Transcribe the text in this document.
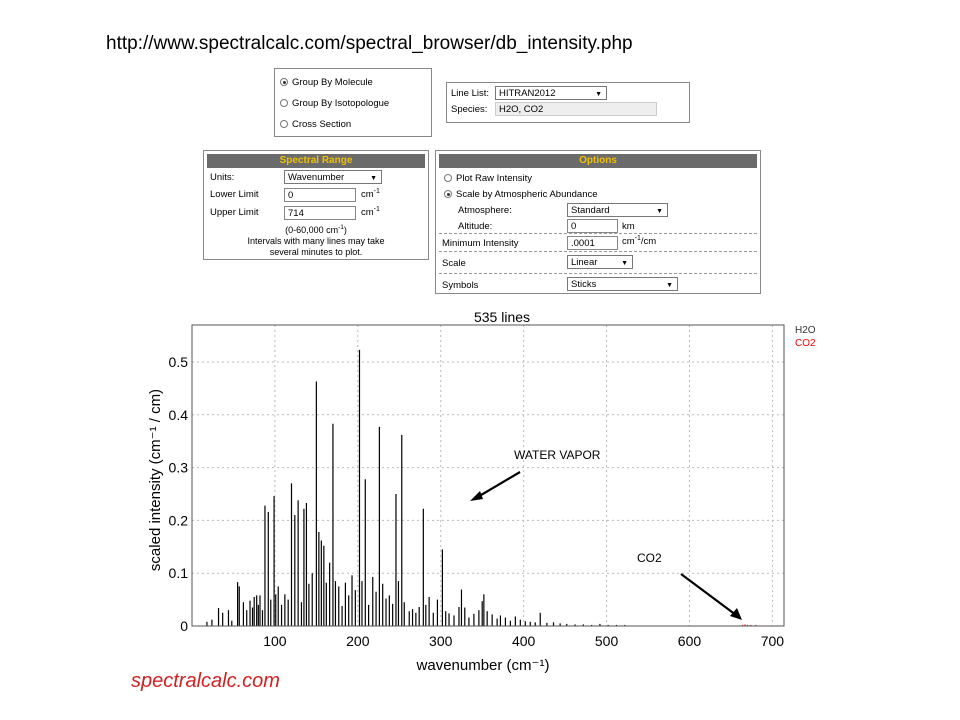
http://www.spectralcalc.com/spectral_browser/db_intensity.php
Group By Molecule
Group By Isotopologue
Cross Section
Line List:	HITRAN2012	▼
Species:	H2O, CO2
Spectral Range
Units:	Wavenumber	▼
Lower Limit	0	$cm^{-1}$
Upper Limit	714	$cm^{-1}$
(0-60,000 $cm^{-1}$)
Intervals with many lines may take
several minutes to plot.
Options
Plot Raw Intensity
Scale by Atmospheric Abundance
Atmosphere:	Standard	▼
Altitude:	0	km
Minimum Intensity	.0001	$cm^{-1}/cm$
Scale	Linear	▼
Symbols	Sticks	▼
0
0.1
0.2
0.3
0.4
0.5
100	200	300	400	500	600	700
535 lines
wavenumber (cm⁻¹)
scaled intensity (cm⁻¹ / cm)
H2O
CO2
WATER VAPOR
CO2
spectralcalc.com
